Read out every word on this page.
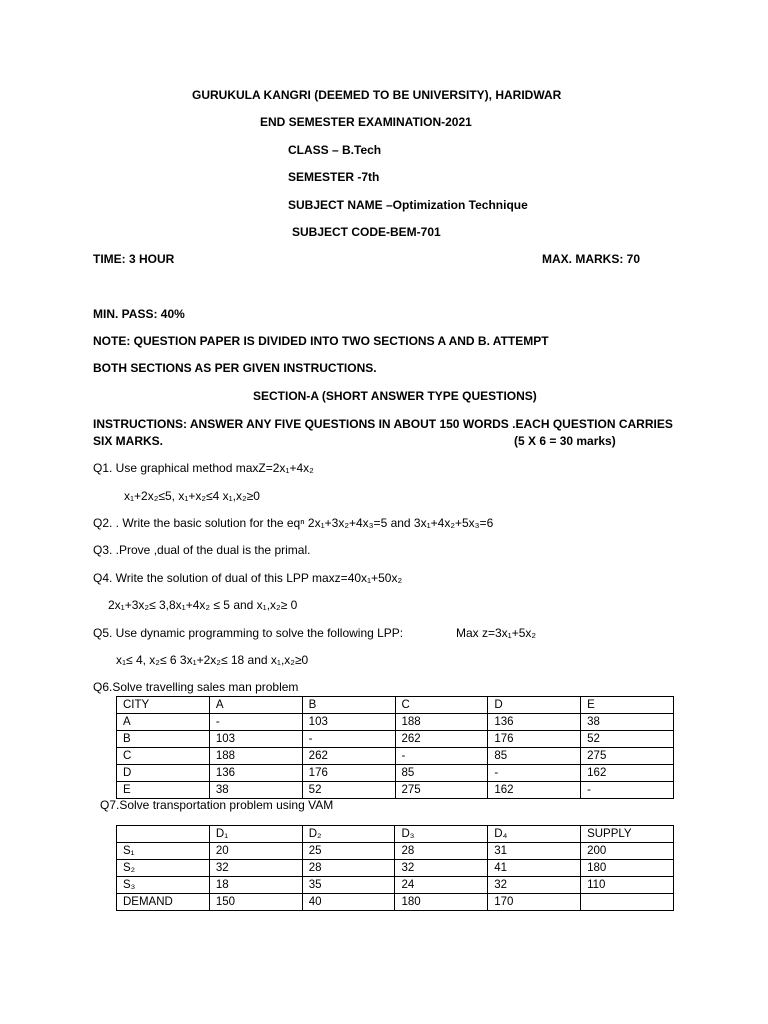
GURUKULA KANGRI (DEEMED TO BE UNIVERSITY), HARIDWAR
END SEMESTER EXAMINATION-2021
CLASS – B.Tech
SEMESTER -7th
SUBJECT NAME –Optimization Technique
SUBJECT CODE-BEM-701
TIME: 3 HOUR	MAX. MARKS: 70
MIN. PASS: 40%
NOTE: QUESTION PAPER IS DIVIDED INTO TWO SECTIONS A AND B. ATTEMPT
BOTH SECTIONS AS PER GIVEN INSTRUCTIONS.
SECTION-A (SHORT ANSWER TYPE QUESTIONS)
INSTRUCTIONS: ANSWER ANY FIVE QUESTIONS IN ABOUT 150 WORDS .EACH QUESTION CARRIES
SIX MARKS.	(5 X 6 = 30 marks)
Q1. Use graphical method maxZ=2x₁+4x₂
x₁+2x₂≤5, x₁+x₂≤4 x₁,x₂≥0
Q2. . Write the basic solution for the eqⁿ 2x₁+3x₂+4x₃=5 and 3x₁+4x₂+5x₃=6
Q3. .Prove ,dual of the dual is the primal.
Q4. Write the solution of dual of this LPP maxz=40x₁+50x₂
2x₁+3x₂≤ 3,8x₁+4x₂ ≤ 5 and x₁,x₂≥ 0
Q5. Use dynamic programming to solve the following LPP:	Max z=3x₁+5x₂
x₁≤ 4, x₂≤ 6 3x₁+2x₂≤ 18 and x₁,x₂≥0
Q6.Solve travelling sales man problem
CITY	A	B	C	D	E
A	-	103	188	136	38
B	103	-	262	176	52
C	188	262	-	85	275
D	136	176	85	-	162
E	38	52	275	162	-
Q7.Solve transportation problem using VAM
	D₁	D₂	D₃	D₄	SUPPLY
S₁	20	25	28	31	200
S₂	32	28	32	41	180
S₃	18	35	24	32	110
DEMAND	150	40	180	170	
